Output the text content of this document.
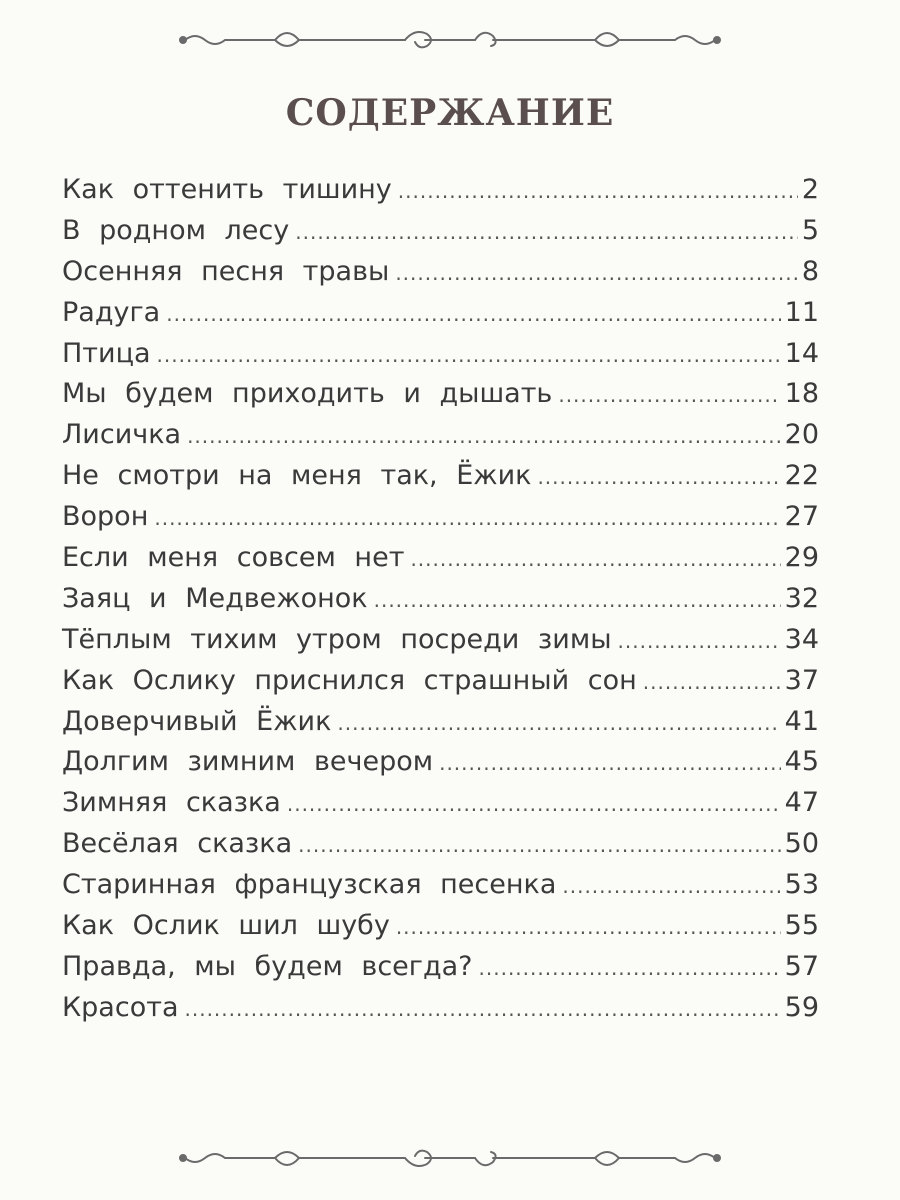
СОДЕРЖАНИЕ
Как оттенить тишину .....	2
В родном лесу .....	5
Осенняя песня травы .....	8
Радуга .....	11
Птица .....	14
Мы будем приходить и дышать .....	18
Лисичка .....	20
Не смотри на меня так, Ёжик .....	22
Ворон .....	27
Если меня совсем нет .....	29
Заяц и Медвежонок .....	32
Тёплым тихим утром посреди зимы .....	34
Как Ослику приснился страшный сон .....	37
Доверчивый Ёжик .....	41
Долгим зимним вечером .....	45
Зимняя сказка .....	47
Весёлая сказка .....	50
Старинная французская песенка .....	53
Как Ослик шил шубу .....	55
Правда, мы будем всегда? .....	57
Красота .....	59
